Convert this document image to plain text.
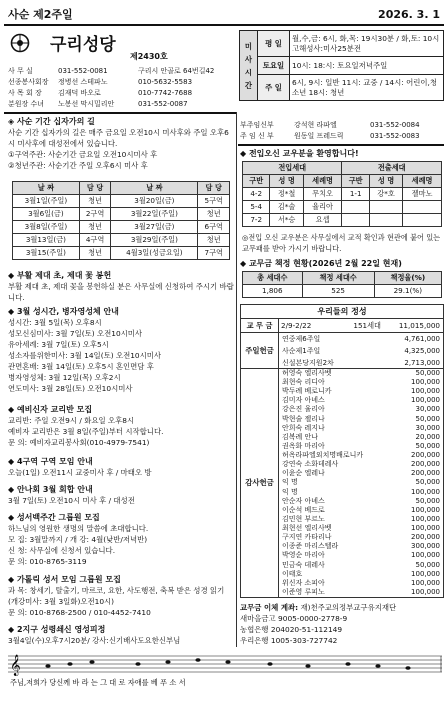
사순 제2주일	2026. 3. 1
구리성당
제2430호
사 무 실	031-552-0081	구리시 안골로 64번길42
선종봉사회장	정병선 스테파노	010-5632-5583
사 목 회 장	김재덕 바오로	010-7742-7688
분원장 수녀	노봉선 막시밀리안	031-552-0087
미사시간	평 일	월,수,금: 6시, 화,목: 19시30분 / 화,토: 10시 고해성사:미사25분전
	토요일	10시: 18:시: 토요일저녁주일
	주 일	6시, 9시: 일반 11시: 교중 / 14시: 어린이,청소년 18시: 청년
부주임신부	강석현 라파엘	031-552-0084
주 임 신 부	원동일 프레드릭	031-552-0083
◈ 사순 기간 십자가의 길
사순 기간 십자가의 길은 매주 금요일 오전10시 미사후와 주일 오후6시 미사후에 대성전에서 있습니다.
①구역주관: 사순기간 금요일 오전10시미사 후
②청년주관: 사순기간 주일 오후6시 미사 후
날 짜	담 당	날 짜	담 당
3월1일(주일)	청년	3월20일(금)	5구역
3월6일(금)	2구역	3월22일(주일)	청년
3월8일(주일)	청년	3월27일(금)	6구역
3월13일(금)	4구역	3월29일(주일)	청년
3월15(주일)	청년	4월3일(성금요일)	7구역
◆ 부활 제대 초, 제대 꽃 봉헌
부활 제대 초, 제대 꽃을 봉헌하실 분은 사무실에 신청하여 주시기 바랍니다.
◆ 3월 성시간, 병자영성체 안내
성시간: 3월 5일(목) 오후8시
성모신심미사: 3월 7일(토) 오전10시미사
유아세례: 3월 7일(토) 오후5시
성소자를위한미사: 3월 14일(토) 오전10시미사
관면혼배: 3월 14일(토) 오후5시 혼인면담 후
병자영성체: 3월 12일(목) 오후2시
연도미사: 3월 28일(토) 오전10시미사
◆ 예비신자 교리반 모집
교리반: 주일 오전9시 / 화요일 오후8시
예비자 교리반은 3월 8일(주일)부터 시작합니다.
문 의: 예비자교리봉사회(010-4979-7541)
◆ 4구역 구역 모임 안내
오늘(1일) 오전11시 교중미사 후 / 마태오 방
◆ 안나회 3월 회합 안내
3월 7일(토) 오전10시 미사 후 / 대성전
◆ 성서백주간 그룹원 모집
하느님의 영원한 생명의 말씀에 초대합니다.
모 집: 3월말까지 / 개 강: 4월(낮반/저녁반)
신 청: 사무실에 신청서 있습니다.
문 의: 010-8765-3119
◆ 가톨릭 성서 모임 그룹원 모집
과 목: 창세기, 탈출기, 마르코, 요한, 사도행전, 축복 받은 성경 읽기(개강미사: 3월 3일화)오전10시)
문 의: 010-8768-2500 / 010-4452-7410
◆ 2지구 성령쇄신 영성피정
3월4일(수)오후7시20분/ 강사:신기배사도요한신부님
◆ 전입오신 교우분을 환영합니다!
전입세대			전출세대		
구반	성 명	세례명	구반	성 명	세례명
4-2	정*철	무치오	1-1	강*호	젤마노
5-4	김*술	율리아			
7-2	서*승	요셉			
◎전입 오신 교우분은 사무실에서 교적 확인과 현관에 붙어 있는 교무패를 받아 가시기 바랍니다.
◆ 교무금 책정 현황(2026년 2월 22일 현재)
총 세대수	책정 세대수	책정율(%)
1,806	525	29.1(%)
우리들의 정성
교 무 금	2/9-2/22	151세대	11,015,000
주일헌금
연중제6주일	4,761,000
사순제1주일	4,325,000
신설본당지원2차	2,713,000
감사헌금
허영숙 엘리사벳	50,000
최현숙 리디아	100,000
박두례 베로니카	100,000
김미자 아녜스	100,000
강은진 율리아	30,000
박현술 젤리나	50,000
안희숙 레지나	30,000
김복례 안나	20,000
권옥화 마리아	50,000
허옥라파엘외치명배로니카	200,000
강연숙 소화데레사	200,000
이윤순 엘레나	200,000
익 명	50,000
익 명	100,000
안순자 아녜스	50,000
이순석 베드로	100,000
김민현 부르노	100,000
최현선 엘리사벳	100,000
구지연 카타리나	200,000
이종준 마리스텔라	300,000
박영순 마리아	100,000
민금숙 데레사	50,000
이태호	100,000
위신자 소피아	100,000
이준영 루피노	100,000
교무금 이체 계좌: 재)천주교의정부교구유지재단
새마을금고 9005-0000-2778-9
농협은행 204020-51-112149
우리은행 1005-303-727742
𝄞
주님,저희가 당신께 바 라 는 그 대 로 자애를 베 푸 소 서
